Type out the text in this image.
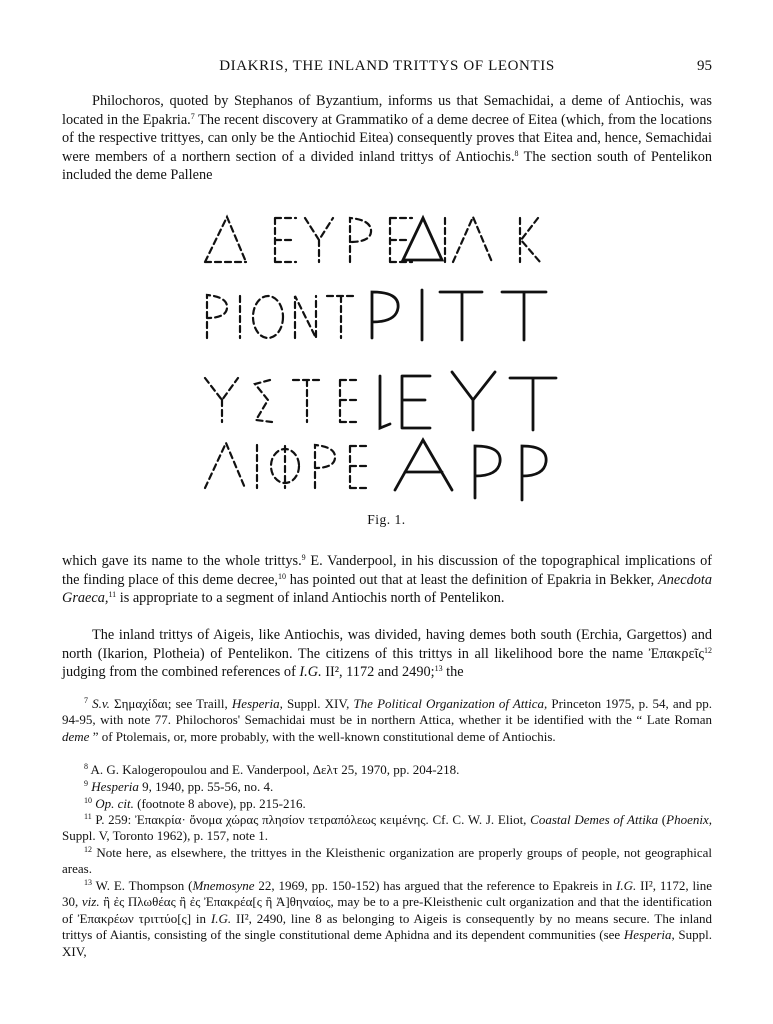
DIAKRIS, THE INLAND TRITTYS OF LEONTIS	95

Philochoros, quoted by Stephanos of Byzantium, informs us that Semachidai, a deme of Antiochis, was located in the Epakria.$^7$ The recent discovery at Grammatiko of a deme decree of Eitea (which, from the locations of the respective trittyes, can only be the Antiochid Eitea) consequently proves that Eitea and, hence, Semachidai were members of a northern section of a divided inland trittys of Antiochis.$^8$ The section south of Pentelikon included the deme Pallene

Fig. 1.

which gave its name to the whole trittys.$^9$ E. Vanderpool, in his discussion of the topographical implications of the finding place of this deme decree,$^{10}$ has pointed out that at least the definition of Epakria in Bekker, Anecdota Graeca,$^{11}$ is appropriate to a segment of inland Antiochis north of Pentelikon.

The inland trittys of Aigeis, like Antiochis, was divided, having demes both south (Erchia, Gargettos) and north (Ikarion, Plotheia) of Pentelikon. The citizens of this trittys in all likelihood bore the name Ἐπακρεῖς$^{12}$ judging from the combined references of I.G. II², 1172 and 2490;$^{13}$ the

$^7$ S.v. Σημαχίδαι; see Traill, Hesperia, Suppl. XIV, The Political Organization of Attica, Princeton 1975, p. 54, and pp. 94-95, with note 77. Philochoros' Semachidai must be in northern Attica, whether it be identified with the “ Late Roman deme ” of Ptolemais, or, more probably, with the well-known constitutional deme of Antiochis.

$^8$ A. G. Kalogeropoulou and E. Vanderpool, Δελτ 25, 1970, pp. 204-218.

$^9$ Hesperia 9, 1940, pp. 55-56, no. 4.

$^{10}$ Op. cit. (footnote 8 above), pp. 215-216.

$^{11}$ P. 259: Ἐπακρία· ὄνομα χώρας πλησίον τετραπόλεως κειμένης. Cf. C. W. J. Eliot, Coastal Demes of Attika (Phoenix, Suppl. V, Toronto 1962), p. 157, note 1.

$^{12}$ Note here, as elsewhere, the trittyes in the Kleisthenic organization are properly groups of people, not geographical areas.

$^{13}$ W. E. Thompson (Mnemosyne 22, 1969, pp. 150-152) has argued that the reference to Epakreis in I.G. II², 1172, line 30, viz. ἢ ἐς Πλωθέας ἢ ἐς Ἐπακρέα[ς ἢ Ἀ]θηναίος, may be to a pre-Kleisthenic cult organization and that the identification of Ἐπακρέων τριττύο[ς] in I.G. II², 2490, line 8 as belonging to Aigeis is consequently by no means secure. The inland trittys of Aiantis, consisting of the single constitutional deme Aphidna and its dependent communities (see Hesperia, Suppl. XIV,
